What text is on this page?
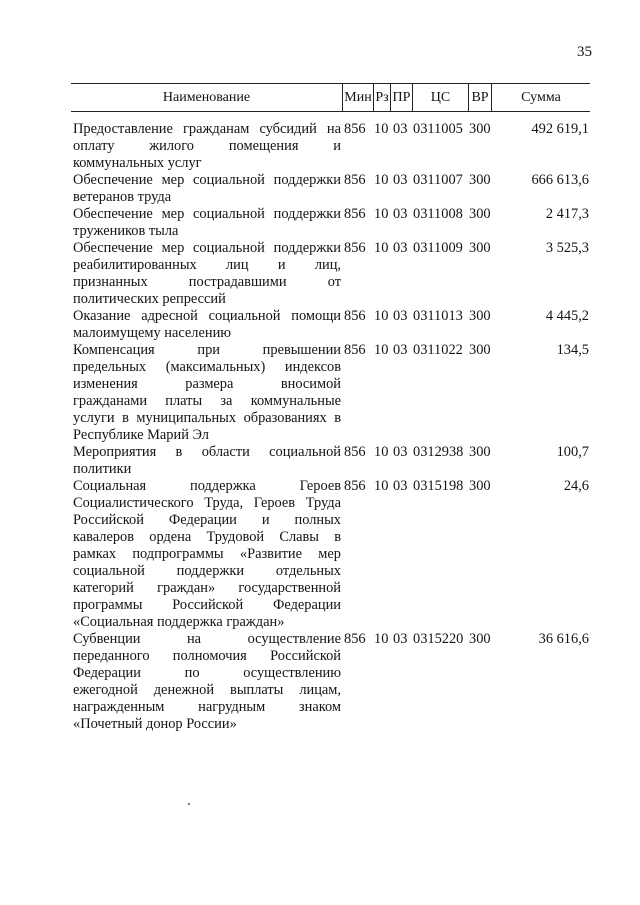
35
Наименование	Мин Рз ПР	ЦС	ВР	Сумма
Предоставление гражданам субсидий на
оплату жилого помещения и
коммунальных услуг
856 10 03 0311005 300	492 619,1
Обеспечение мер социальной поддержки
ветеранов труда
856 10 03 0311007 300	666 613,6
Обеспечение мер социальной поддержки
тружеников тыла
856 10 03 0311008 300	2 417,3
Обеспечение мер социальной поддержки
реабилитированных лиц и лиц,
признанных пострадавшими от
политических репрессий
856 10 03 0311009 300	3 525,3
Оказание адресной социальной помощи
малоимущему населению
856 10 03 0311013 300	4 445,2
Компенсация при превышении
предельных (максимальных) индексов
изменения размера вносимой
гражданами платы за коммунальные
услуги в муниципальных образованиях в
Республике Марий Эл
856 10 03 0311022 300	134,5
Мероприятия в области социальной
политики
856 10 03 0312938 300	100,7
Социальная поддержка Героев
Социалистического Труда, Героев Труда
Российской Федерации и полных
кавалеров ордена Трудовой Славы в
рамках подпрограммы «Развитие мер
социальной поддержки отдельных
категорий граждан» государственной
программы Российской Федерации
«Социальная поддержка граждан»
856 10 03 0315198 300	24,6
Субвенции на осуществление
переданного полномочия Российской
Федерации по осуществлению
ежегодной денежной выплаты лицам,
награжденным нагрудным знаком
«Почетный донор России»
856 10 03 0315220 300	36 616,6
